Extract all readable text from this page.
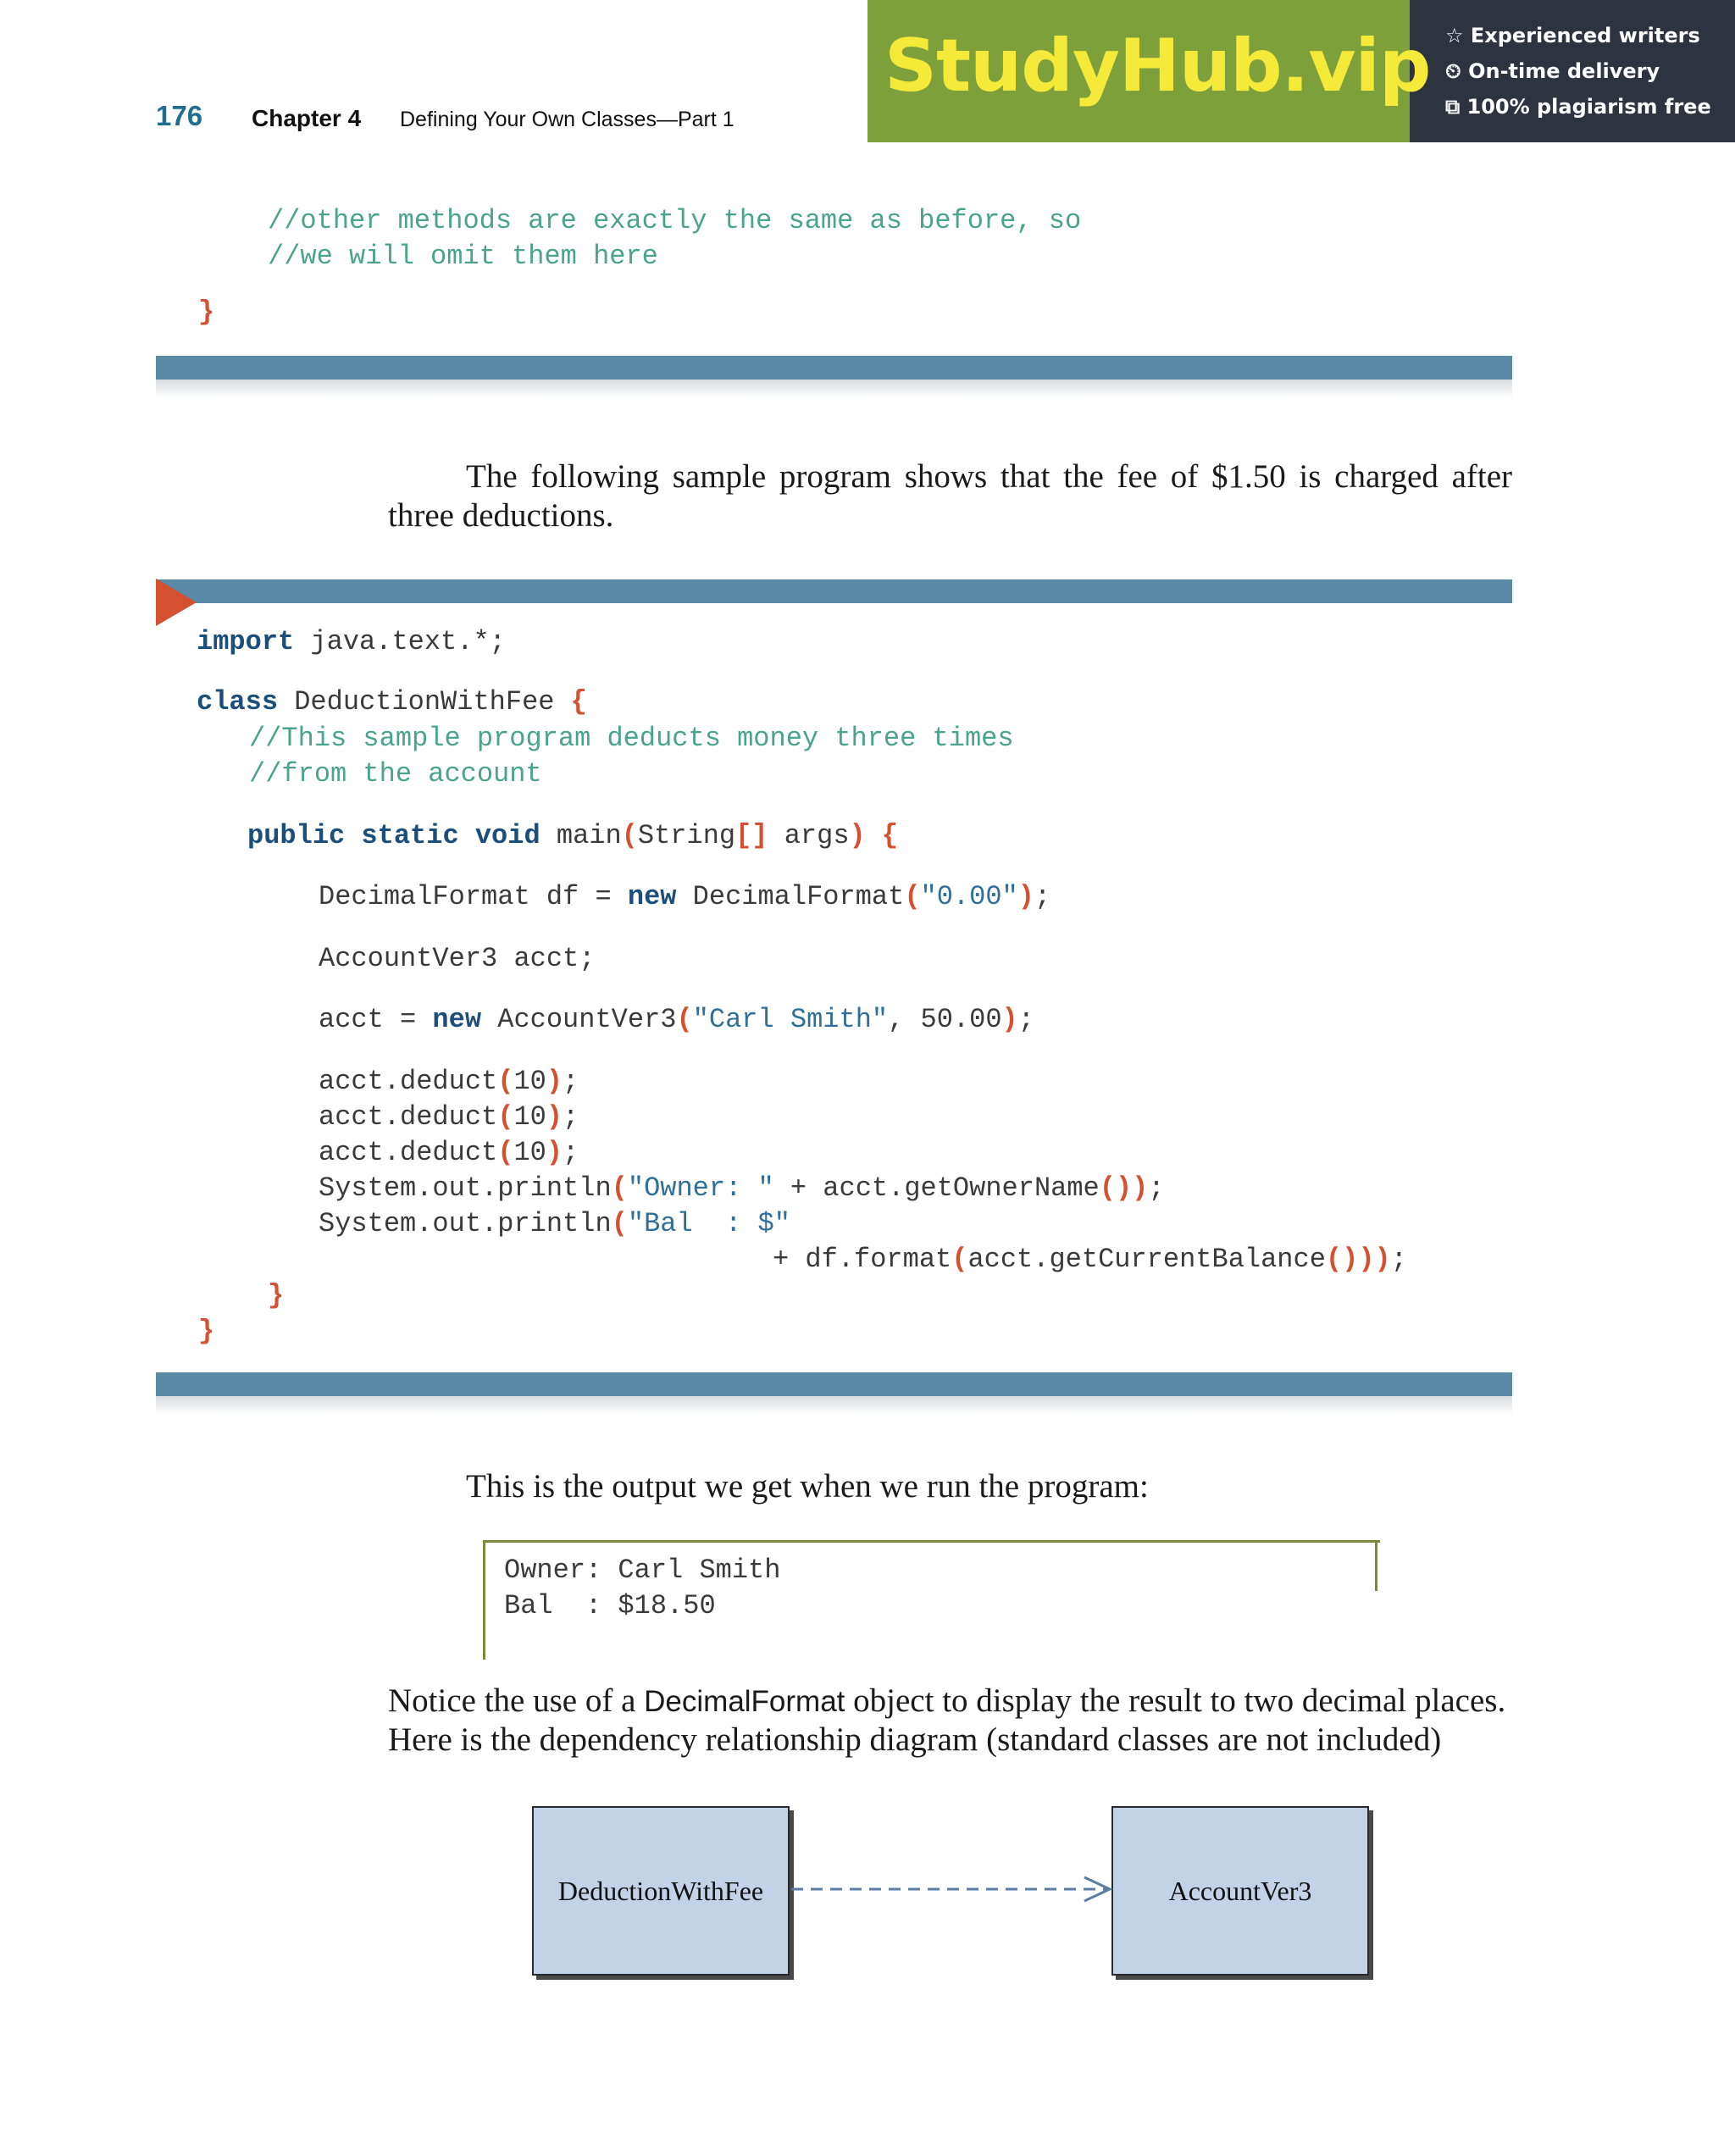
176 Chapter 4 Defining Your Own Classes—Part 1
StudyHub.vip ☆ Experienced writers
⏲ On-time delivery
⧉ 100% plagiarism free
//other methods are exactly the same as before, so
//we will omit them here
}
The following sample program shows that the fee of $1.50 is charged after
three deductions.
import java.text.*;
class DeductionWithFee {
//This sample program deducts money three times
//from the account
public static void main(String[] args) {
DecimalFormat df = new DecimalFormat("0.00");
AccountVer3 acct;
acct = new AccountVer3("Carl Smith", 50.00);
acct.deduct(10);
acct.deduct(10);
acct.deduct(10);
System.out.println("Owner: " + acct.getOwnerName());
System.out.println("Bal  : $"
+ df.format(acct.getCurrentBalance()));
}
}
This is the output we get when we run the program:
Owner: Carl Smith
Bal  : $18.50
Notice the use of a DecimalFormat object to display the result to two decimal places.
Here is the dependency relationship diagram (standard classes are not included)
DeductionWithFee	AccountVer3
